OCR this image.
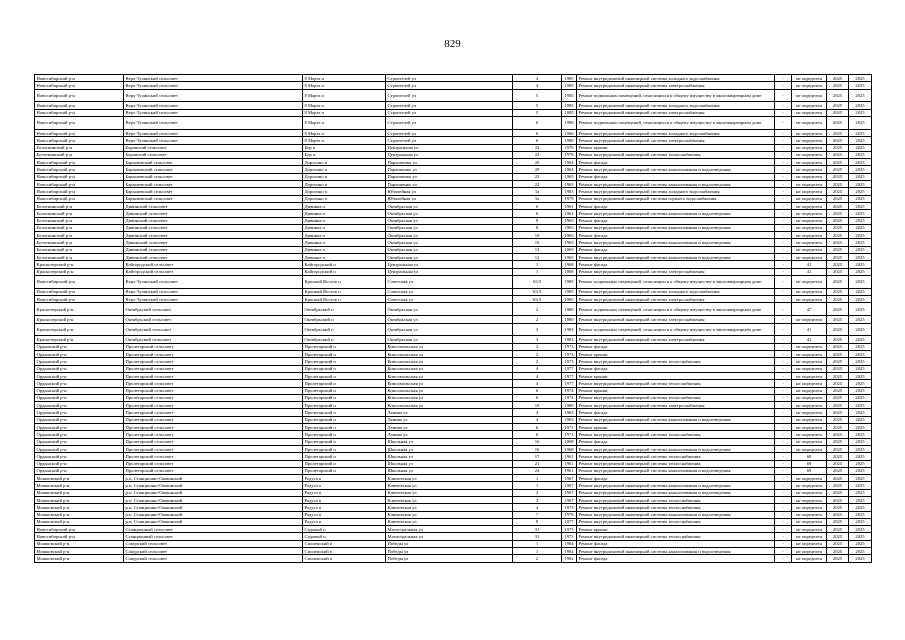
829
Новосибирский р-н	Верх-Тулинский сельсовет	8 Марта п	Строителей ул	4	1985	Ремонт внутридомовой инженерной системы холодного водоснабжения	-	не определен	2025	2025
Новосибирский р-н	Верх-Тулинский сельсовет	8 Марта п	Строителей ул	4	1985	Ремонт внутридомовой инженерной системы электроснабжения	-	не определен	2025	2025
Новосибирский р-н	Верх-Тулинский сельсовет	8 Марта п	Строителей ул	5	1985	Ремонт подвальных помещений, относящихся к общему имуществу в многоквартирном доме	-	не определен	2025	2025
Новосибирский р-н	Верх-Тулинский сельсовет	8 Марта п	Строителей ул	5	1985	Ремонт внутридомовой инженерной системы холодного водоснабжения	-	не определен	2025	2025
Новосибирский р-н	Верх-Тулинский сельсовет	8 Марта п	Строителей ул	5	1985	Ремонт внутридомовой инженерной системы электроснабжения	-	не определен	2025	2025
Новосибирский р-н	Верх-Тулинский сельсовет	8 Марта п	Строителей ул	6	1988	Ремонт подвальных помещений, относящихся к общему имуществу в многоквартирном доме	-	не определен	2025	2025
Новосибирский р-н	Верх-Тулинский сельсовет	8 Марта п	Строителей ул	6	1966	Ремонт внутридомовой инженерной системы холодного водоснабжения	-	не определен	2025	2025
Новосибирский р-н	Верх-Тулинский сельсовет	8 Марта п	Строителей ул	6	1988	Ремонт внутридомовой инженерной системы электроснабжения	-	не определен	2025	2025
Болотнинский р-н	Боровский сельсовет	Бор п	Центральная ул	22	1976	Ремонт крыши	-	не определен	2025	2025
Болотнинский р-н	Боровский сельсовет	Бор п	Центральная ул	22	1976	Ремонт внутридомовой инженерной системы теплоснабжения	-	не определен	2025	2025
Новосибирский р-н	Барышевский сельсовет	Дорогино п	Пархоменко ул	20	1964	Ремонт фасада	-	не определен	2025	2025
Новосибирский р-н	Барышевский сельсовет	Дорогино п	Пархоменко ул	20	1964	Ремонт внутридомовой инженерной системы канализования и водоотведения	-	не определен	2025	2025
Новосибирский р-н	Барышевский сельсовет	Дорогино п	Пархоменко ул	22	1965	Ремонт фасада	-	не определен	2025	2025
Новосибирский р-н	Барышевский сельсовет	Дорогино п	Пархоменко ул	22	1965	Ремонт внутридомовой инженерной системы канализования и водоотведения	-	не определен	2025	2025
Новосибирский р-н	Барышевский сельсовет	Дорогино п	Юбилейная ул	1а	1983	Ремонт внутридомовой инженерной системы холодного водоснабжения	-	не определен	2025	2025
Новосибирский р-н	Барышевский сельсовет	Дорогино п	Юбилейная ул	1а	1979	Ремонт внутридомовой инженерной системы горячего водоснабжения	-	не определен	2025	2025
Болотнинский р-н	Дивинский сельсовет	Дивинка п	Октябрьская ул	6	1961	Ремонт фасада	-	не определен	2025	2025
Болотнинский р-н	Дивинский сельсовет	Дивинка п	Октябрьская ул	6	1961	Ремонт внутридомовой инженерной системы канализования и водоотведения	-	не определен	2025	2025
Болотнинский р-н	Дивинский сельсовет	Дивинка п	Октябрьская ул	8	1965	Ремонт фасада	-	не определен	2025	2025
Болотнинский р-н	Дивинский сельсовет	Дивинка п	Октябрьская ул	8	1965	Ремонт внутридомовой инженерной системы канализования и водоотведения	-	не определен	2025	2025
Болотнинский р-н	Дивинский сельсовет	Дивинка п	Октябрьская ул	10	1965	Ремонт фасада	-	не определен	2025	2025
Болотнинский р-н	Дивинский сельсовет	Дивинка п	Октябрьская ул	10	1965	Ремонт внутридомовой инженерной системы канализования и водоотведения	-	не определен	2025	2025
Болотнинский р-н	Дивинский сельсовет	Дивинка п	Октябрьская ул	12	1965	Ремонт фасада	-	не определен	2025	2025
Болотнинский р-н	Дивинский сельсовет	Дивинка п	Октябрьская ул	12	1965	Ремонт внутридомовой инженерной системы канализования и водоотведения	-	не определен	2025	2025
Краснозерский р-н	Кайгородский сельсовет	Кайгородский п	Центральная ул	1	1968	Ремонт фасада	-	41	2025	2025
Краснозерский р-н	Кайгородский сельсовет	Кайгородский п	Центральная ул	1	1968	Ремонт внутридомовой инженерной системы электроснабжения	-	41	2025	2025
Новосибирский р-н	Верх-Тулинский сельсовет	Красный Восток п	Советская ул	65/3	1985	Ремонт подвальных помещений, относящихся к общему имуществу в многоквартирном доме	-	не определен	2025	2025
Новосибирский р-н	Верх-Тулинский сельсовет	Красный Восток п	Советская ул	65/3	1985	Ремонт внутридомовой инженерной системы холодного водоснабжения	-	не определен	2025	2025
Новосибирский р-н	Верх-Тулинский сельсовет	Красный Восток п	Советская ул	65/3	1985	Ремонт внутридомовой инженерной системы электроснабжения	-	не определен	2025	2025
Краснозерский р-н	Октябрьский сельсовет	Октябрьский п	Октябрьская ул	2	1980	Ремонт подвальных помещений, относящихся к общему имуществу в многоквартирном доме	-	47	2025	2025
Краснозерский р-н	Октябрьский сельсовет	Октябрьский п	Октябрьская ул	2	1980	Ремонт внутридомовой инженерной системы электроснабжения	-	не определен	2025	2025
Краснозерский р-н	Октябрьский сельсовет	Октябрьский п	Октябрьская ул	3	1983	Ремонт подвальных помещений, относящихся к общему имуществу в многоквартирном доме	-	41	2025	2025
Краснозерский р-н	Октябрьский сельсовет	Октябрьский п	Октябрьская ул	3	1983	Ремонт внутридомовой инженерной системы электроснабжения	-	41	2025	2025
Ордынский р-н	Пролетарский сельсовет	Пролетарский п	Комсомольская ул	2	1973	Ремонт фасада	-	не определен	2025	2025
Ордынский р-н	Пролетарский сельсовет	Пролетарский п	Комсомольская ул	2	1973	Ремонт крыши	-	не определен	2025	2025
Ордынский р-н	Пролетарский сельсовет	Пролетарский п	Комсомольская ул	2	1973	Ремонт внутридомовой инженерной системы теплоснабжения	-	не определен	2025	2025
Ордынский р-н	Пролетарский сельсовет	Пролетарский п	Комсомольская ул	4	1977	Ремонт фасада	-	не определен	2025	2025
Ордынский р-н	Пролетарский сельсовет	Пролетарский п	Комсомольская ул	4	1977	Ремонт крыши	-	не определен	2025	2025
Ордынский р-н	Пролетарский сельсовет	Пролетарский п	Комсомольская ул	4	1977	Ремонт внутридомовой инженерной системы теплоснабжения	-	не определен	2025	2025
Ордынский р-н	Пролетарский сельсовет	Пролетарский п	Комсомольская ул	6	1974	Ремонт крыши	-	не определен	2025	2025
Ордынский р-н	Пролетарский сельсовет	Пролетарский п	Комсомольская ул	6	1974	Ремонт внутридомовой инженерной системы теплоснабжения	-	не определен	2025	2025
Ордынский р-н	Пролетарский сельсовет	Пролетарский п	Комсомольская ул	10	1980	Ремонт внутридомовой инженерной системы электроснабжения	-	не определен	2025	2025
Ордынский р-н	Пролетарский сельсовет	Пролетарский п	Ленина ул	4	1963	Ремонт фасада	-	не определен	2025	2025
Ордынский р-н	Пролетарский сельсовет	Пролетарский п	Ленина ул	4	1963	Ремонт внутридомовой инженерной системы канализования и водоотведения	-	не определен	2025	2025
Ордынский р-н	Пролетарский сельсовет	Пролетарский п	Ленина ул	6	1971	Ремонт крыши	-	не определен	2025	2025
Ордынский р-н	Пролетарский сельсовет	Пролетарский п	Ленина ул	6	1971	Ремонт внутридомовой инженерной системы теплоснабжения	-	не определен	2025	2025
Ордынский р-н	Пролетарский сельсовет	Пролетарский п	Школьная ул	16	1968	Ремонт фасада	-	не определен	2025	2025
Ордынский р-н	Пролетарский сельсовет	Пролетарский п	Школьная ул	16	1968	Ремонт внутридомовой инженерной системы канализования и водоотведения	-	не определен	2025	2025
Ордынский р-н	Пролетарский сельсовет	Пролетарский п	Школьная ул	17	1961	Ремонт внутридомовой инженерной системы теплоснабжения	-	69	2025	2025
Ордынский р-н	Пролетарский сельсовет	Пролетарский п	Школьная ул	21	1961	Ремонт внутридомовой инженерной системы теплоснабжения	-	69	2025	2025
Ордынский р-н	Пролетарский сельсовет	Пролетарский п	Школьная ул	24	1961	Ремонт внутридомовой инженерной системы канализования и водоотведения	-	69	2025	2025
Мошковский р-н	р.п. Станционно-Ояшинский	Радуга п	Ключевская ул	1	1967	Ремонт фасада	-	не определен	2025	2025
Мошковский р-н	р.п. Станционно-Ояшинский	Радуга п	Ключевская ул	1	1967	Ремонт внутридомовой инженерной системы канализования и водоотведения	-	не определен	2025	2025
Мошковский р-н	р.п. Станционно-Ояшинский	Радуга п	Ключевская ул	2	1967	Ремонт внутридомовой инженерной системы канализования и водоотведения	-	не определен	2025	2025
Мошковский р-н	р.п. Станционно-Ояшинский	Радуга п	Ключевская ул	2	1967	Ремонт внутридомовой инженерной системы теплоснабжения	-	не определен	2025	2025
Мошковский р-н	р.п. Станционно-Ояшинский	Радуга п	Ключевская ул	4	1973	Ремонт внутридомовой инженерной системы теплоснабжения	-	не определен	2025	2025
Мошковский р-н	р.п. Станционно-Ояшинский	Радуга п	Ключевская ул	7	1976	Ремонт внутридомовой инженерной системы канализования и водоотведения	-	не определен	2025	2025
Мошковский р-н	р.п. Станционно-Ояшинский	Радуга п	Ключевская ул	8	1977	Ремонт внутридомовой инженерной системы теплоснабжения	-	не определен	2025	2025
Новосибирский р-н	Станционный сельсовет	Садовый п	Магистральная ул	31	1973	Ремонт крыши	-	не определен	2025	2025
Новосибирский р-н	Станционный сельсовет	Садовый п	Магистральная ул	31	1973	Ремонт внутридомовой инженерной системы теплоснабжения	-	не определен	2025	2025
Мошковский р-н	Сокурский сельсовет	Смоленский п	Победы ул	1	1984	Ремонт фасада	-	не определен	2025	2025
Мошковский р-н	Сокурский сельсовет	Смоленский п	Победы ул	1	1984	Ремонт внутридомовой инженерной системы канализования и водоотведения	-	не определен	2025	2025
Мошковский р-н	Сокурский сельсовет	Смоленский п	Победы ул	2	1982	Ремонт фасада	-	не определен	2025	2025
